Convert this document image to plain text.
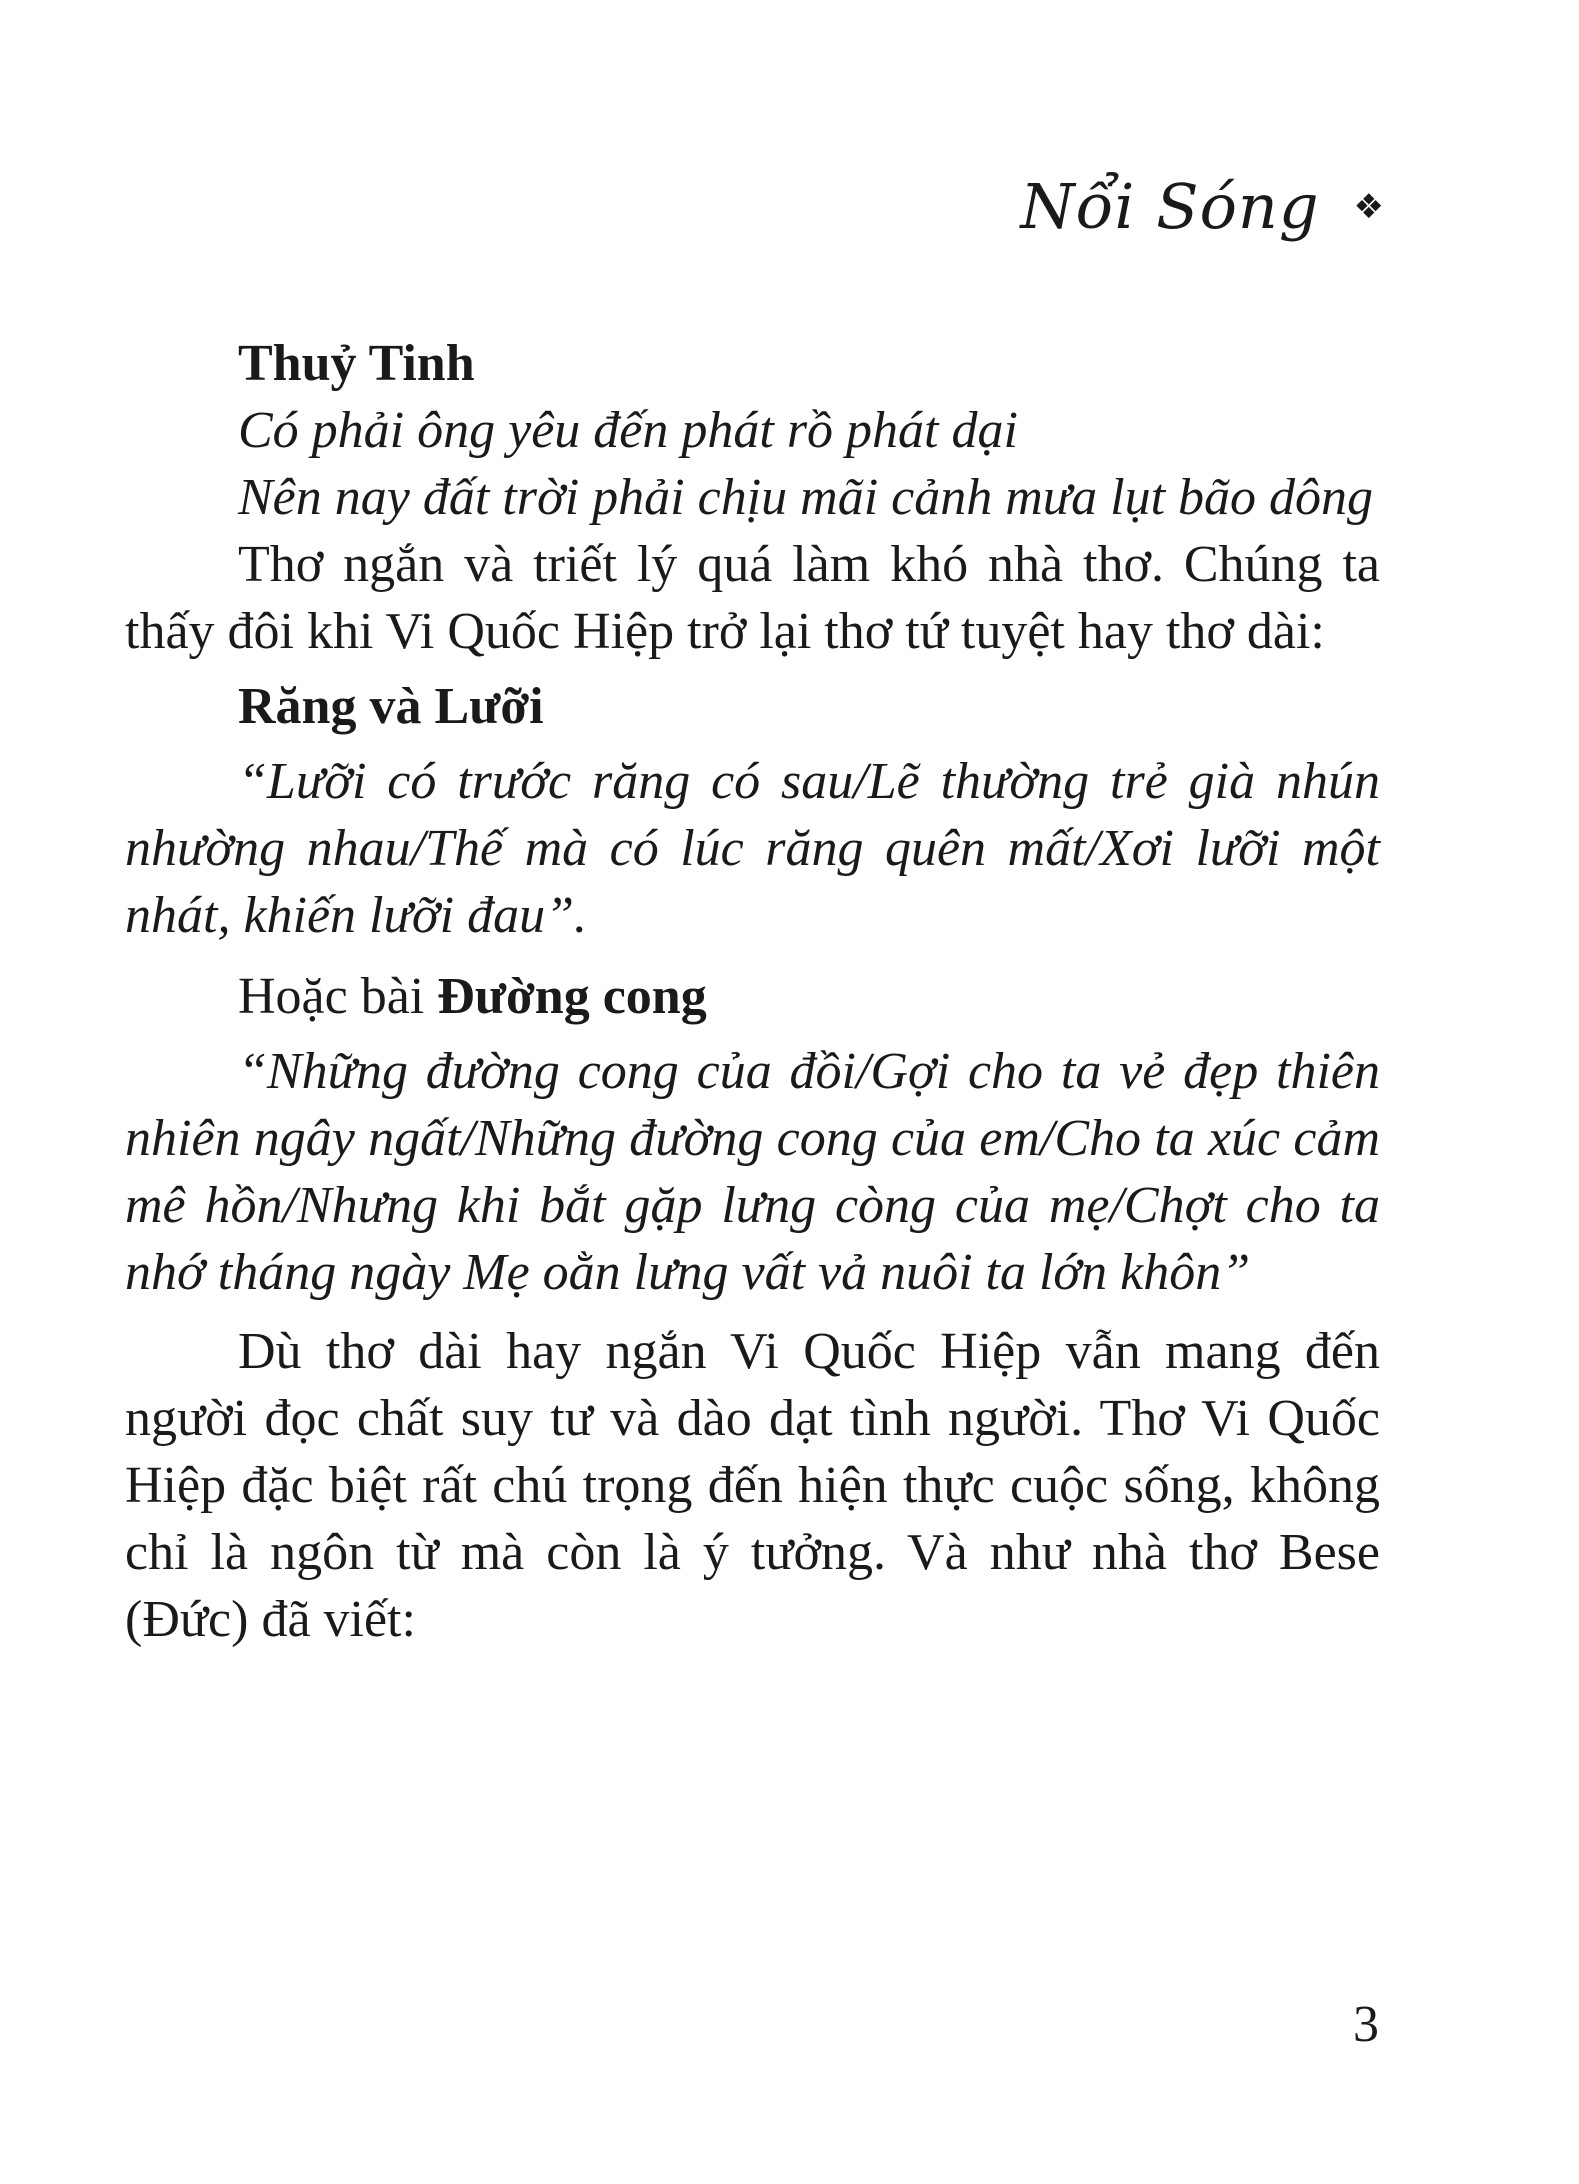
Nổi Sóng ❖

Thuỷ Tinh

Có phải ông yêu đến phát rồ phát dại

Nên nay đất trời phải chịu mãi cảnh mưa lụt bão dông

Thơ ngắn và triết lý quá làm khó nhà thơ. Chúng ta thấy đôi khi Vi Quốc Hiệp trở lại thơ tứ tuyệt hay thơ dài:

Răng và Lưỡi

“Lưỡi có trước răng có sau/Lẽ thường trẻ già nhún nhường nhau/Thế mà có lúc răng quên mất/Xơi lưỡi một nhát, khiến lưỡi đau”.

Hoặc bài Đường cong

“Những đường cong của đồi/Gợi cho ta vẻ đẹp thiên nhiên ngây ngất/Những đường cong của em/Cho ta xúc cảm mê hồn/Nhưng khi bắt gặp lưng còng của mẹ/Chợt cho ta nhớ tháng ngày Mẹ oằn lưng vất vả nuôi ta lớn khôn”

Dù thơ dài hay ngắn Vi Quốc Hiệp vẫn mang đến người đọc chất suy tư và dào dạt tình người. Thơ Vi Quốc Hiệp đặc biệt rất chú trọng đến hiện thực cuộc sống, không chỉ là ngôn từ mà còn là ý tưởng. Và như nhà thơ Bese (Đức) đã viết:

3
